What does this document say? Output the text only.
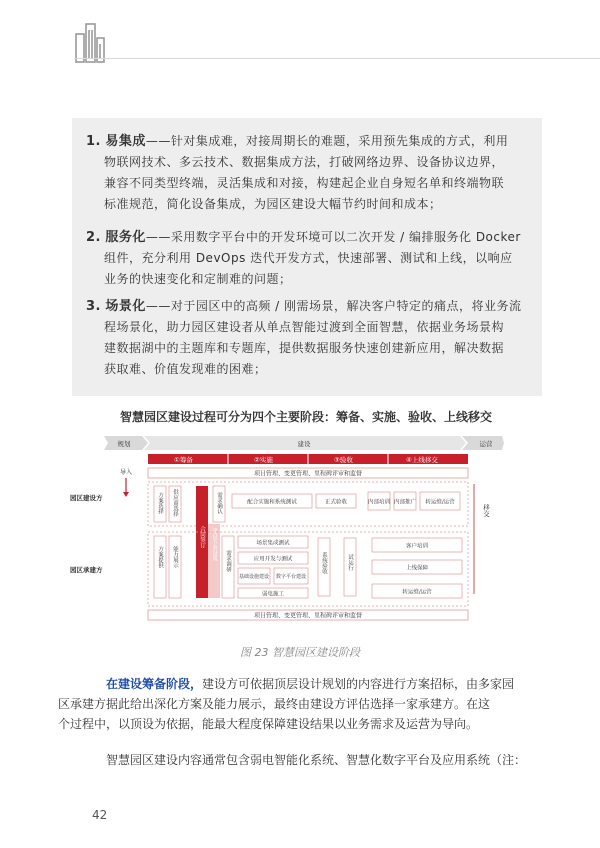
1. 易集成——针对集成难，对接周期长的难题，采用预先集成的方式，利用
物联网技术、多云技术、数据集成方法，打破网络边界、设备协议边界，
兼容不同类型终端，灵活集成和对接，构建起企业自身短名单和终端物联
标准规范，简化设备集成，为园区建设大幅节约时间和成本；
2. 服务化——采用数字平台中的开发环境可以二次开发 / 编排服务化 Docker
组件，充分利用 DevOps 迭代开发方式，快速部署、测试和上线，以响应
业务的快速变化和定制难的问题；
3. 场景化——对于园区中的高频 / 刚需场景，解决客户特定的痛点，将业务流
程场景化，助力园区建设者从单点智能过渡到全面智慧，依据业务场景构
建数据湖中的主题库和专题库，提供数据服务快速创建新应用，解决数据
获取难、价值发现难的困难；
智慧园区建设过程可分为四个主要阶段：筹备、实施、验收、上线移交
规划	建设	运营
①筹备	②实施	③验收	④上线移交
导入	项目管理、变更管理、里程碑评审和监督
园区建设方	方案选择 供应商选择	需求确认	配合实施和系统测试	正式验收	内部培训 内部推广 转运维/运营
移交
合同签订 建设节奏设置
园区承建方
方案提供 能力展示	需求调研
场景集成测试
应用开发与测试
基础设施建设 数字平台建设
弱电施工
系统验收	试运行
客户培训
上线保障
转运维/运营
项目管理、变更管理、里程碑评审和监督
图 23 智慧园区建设阶段
在建设筹备阶段，建设方可依据顶层设计规划的内容进行方案招标，由多家园
区承建方据此给出深化方案及能力展示，最终由建设方评估选择一家承建方。在这
个过程中，以顶设为依据，能最大程度保障建设结果以业务需求及运营为导向。
智慧园区建设内容通常包含弱电智能化系统、智慧化数字平台及应用系统（注：
42
